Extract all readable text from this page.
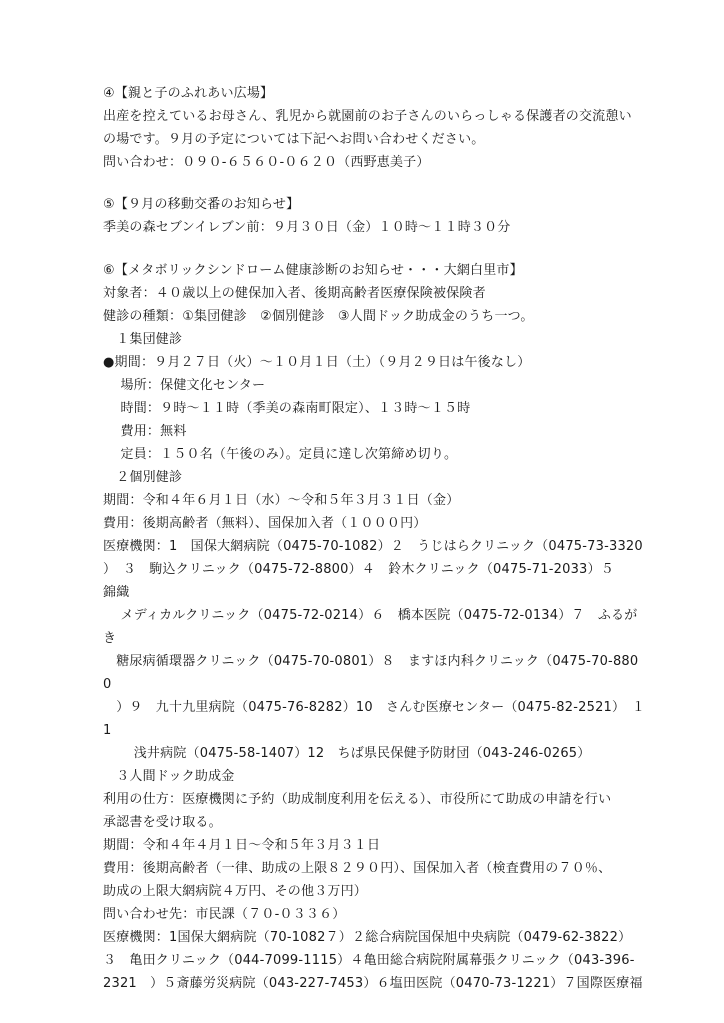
④【親と子のふれあい広場】

出産を控えているお母さん、乳児から就園前のお子さんのいらっしゃる保護者の交流憩い

の場です。９月の予定については下記へお問い合わせください。

問い合わせ：０９０-６５６０-０６２０（西野恵美子）

⑤【９月の移動交番のお知らせ】

季美の森セブンイレブン前：９月３０日（金）１０時～１１時３０分

⑥【メタボリックシンドローム健康診断のお知らせ・・・大網白里市】

対象者：４０歳以上の健保加入者、後期高齢者医療保険被保険者

健診の種類：①集団健診　②個別健診　③人間ドック助成金のうち一つ。

　１集団健診

●期間：９月２７日（火）～１０月１日（土）（９月２９日は午後なし）

　 場所：保健文化センター

　 時間：９時～１１時（季美の森南町限定）、１３時～１５時

　 費用：無料

　 定員：１５０名（午後のみ）。定員に達し次第締め切り。

　２個別健診

期間：令和４年６月１日（水）～令和５年３月３１日（金）

費用：後期高齢者（無料）、国保加入者（１０００円）

医療機関：1　国保大網病院（0475-70-1082）２　うじはらクリニック（0475-73-3320

）　３　駒込クリニック（0475-72-8800）４　鈴木クリニック（0475-71-2033）５

錦織

　 メディカルクリニック（0475-72-0214）６　橋本医院（0475-72-0134）７　ふるが

き

　糖尿病循環器クリニック（0475-70-0801）８　ますほ内科クリニック（0475-70-880

0

　）９　九十九里病院（0475-76-8282）10　さんむ医療センター（0475-82-2521）　１

1

　　 浅井病院（0475-58-1407）12　ちば県民保健予防財団（043-246-0265）

　３人間ドック助成金

利用の仕方：医療機関に予約（助成制度利用を伝える）、市役所にて助成の申請を行い

承認書を受け取る。

期間：令和４年４月１日～令和５年３月３１日

費用：後期高齢者（一律、助成の上限８２９０円）、国保加入者（検査費用の７０％、

助成の上限大網病院４万円、その他３万円）

問い合わせ先：市民課（７０-０３３６）

医療機関：1国保大網病院（70-1082７）２総合病院国保旭中央病院（0479-62-3822）

３　亀田クリニック（044-7099-1115）４亀田総合病院附属幕張クリニック（043-396-

2321　）５斎藤労災病院（043-227-7453）６塩田医院（0470-73-1221）７国際医療福
